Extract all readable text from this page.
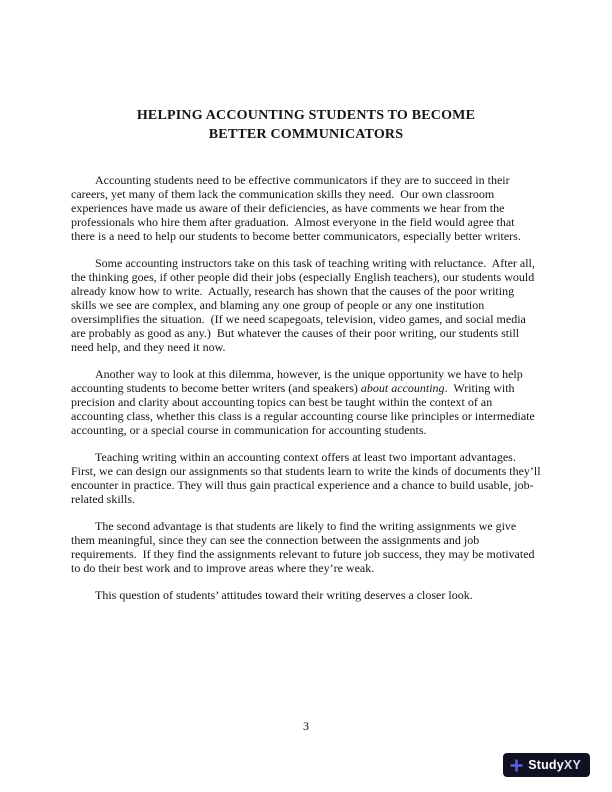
HELPING ACCOUNTING STUDENTS TO BECOME
BETTER COMMUNICATORS

Accounting students need to be effective communicators if they are to succeed in their careers, yet many of them lack the communication skills they need.  Our own classroom experiences have made us aware of their deficiencies, as have comments we hear from the professionals who hire them after graduation.  Almost everyone in the field would agree that there is a need to help our students to become better communicators, especially better writers.

Some accounting instructors take on this task of teaching writing with reluctance.  After all, the thinking goes, if other people did their jobs (especially English teachers), our students would already know how to write.  Actually, research has shown that the causes of the poor writing skills we see are complex, and blaming any one group of people or any one institution oversimplifies the situation.  (If we need scapegoats, television, video games, and social media are probably as good as any.)  But whatever the causes of their poor writing, our students still need help, and they need it now.

Another way to look at this dilemma, however, is the unique opportunity we have to help accounting students to become better writers (and speakers) about accounting.  Writing with precision and clarity about accounting topics can best be taught within the context of an accounting class, whether this class is a regular accounting course like principles or intermediate accounting, or a special course in communication for accounting students.

Teaching writing within an accounting context offers at least two important advantages. First, we can design our assignments so that students learn to write the kinds of documents they’ll encounter in practice. They will thus gain practical experience and a chance to build usable, job-related skills.

The second advantage is that students are likely to find the writing assignments we give them meaningful, since they can see the connection between the assignments and job requirements.  If they find the assignments relevant to future job success, they may be motivated to do their best work and to improve areas where they’re weak.

This question of students’ attitudes toward their writing deserves a closer look.

3
Study XY
